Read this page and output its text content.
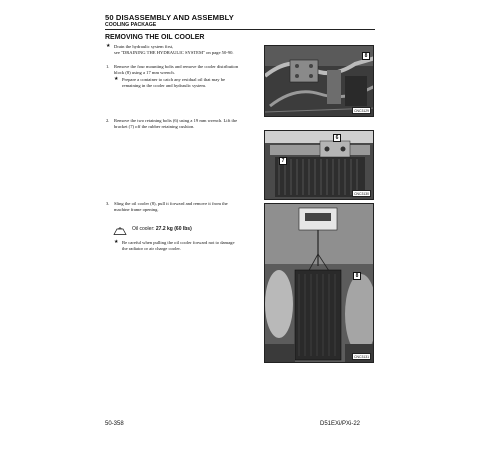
50 DISASSEMBLY AND ASSEMBLY
COOLING PACKAGE
REMOVING THE OIL COOLER
★ Drain the hydraulic system first,
see "DRAINING THE HYDRAULIC SYSTEM" on page 50-90.
1. Remove the four mounting bolts and remove the cooler distribution
block (8) using a 17 mm wrench.
★ Prepare a container to catch any residual oil that may be
remaining in the cooler and hydraulic system.
2. Remove the two retaining bolts (6) using a 19 mm wrench. Lift the
bracket (7) off the rubber retaining cushion.
3. Sling the oil cooler (8), pull it forward and remove it from the
machine frame opening.
Oil cooler: 27.2 kg (60 lbs)
★ Be careful when pulling the oil cooler forward not to damage
the radiator or air charge cooler.
8
CNC3129
6
7
CNC3130
8
CNC3131
50-358	D51EXi/PXi-22
